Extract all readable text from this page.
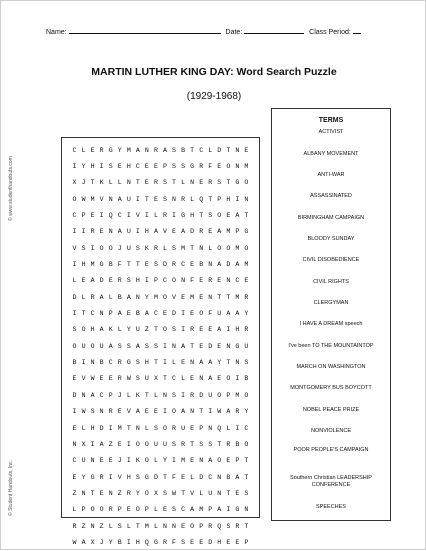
Name:	Date:	Class Period:
MARTIN LUTHER KING DAY: Word Search Puzzle
(1929-1968)
© www.studenthandouts.com
© Student Handouts, Inc.
C L E R G Y M A N R A S B T C L D T N E
I Y H I S E H C E E P S S G R F E O N M
X J T K L L N T E R S T L N E R S T G O
O W M V N A U I T E S N R L Q T P H I N
C P E I Q C I V I L R I G H T S O E A T
I I R E N A U I H A V E A D R E A M P G
V S I O O J U S K R L S M T N L O O M O
I H M G B F T T E S D R C E B N A D A M
L E A D E R S H I P C O N F E R E N C E
D L R A L B A N Y M O V E M E N T T M R
I T C N P A E B A C E D I E O F U A A Y
S O H A K L Y U Z T O S I R E E A I H R
O U O U A S S A S S I N A T E D E N G U
B I N B C R G S H T I L E N A A Y T N S
E V W E E R W S U X T C L E N A E O I B
D N A C P J L K T L N S I R D U O P M O
I W S N R E V A E E I O A N T I W A R Y
E L H D I M T N L S O R U E P N Q L I C
N X I A Z E I O O U U S R T S S T R B O
C U N E E J I K O L Y I M E N A O E P T
E Y G R I V H S G D T F E L D C N B A T
Z N T E N Z R Y O X S W T V L U N T E S
L P O O R P E O P L E S C A M P A I G N
R Z N Z L S L T M L N N E O P R Q S R T
W A X J Y B I H Q G R F S E E D H E E P
TERMS
ACTIVIST
ALBANY MOVEMENT
ANTI-WAR
ASSASSINATED
BIRMINGHAM CAMPAIGN
BLOODY SUNDAY
CIVIL DISOBEDIENCE
CIVIL RIGHTS
CLERGYMAN
I HAVE A DREAM speech
I've been TO THE MOUNTAINTOP
MARCH ON WASHINGTON
MONTGOMERY BUS BOYCOTT
NOBEL PEACE PRIZE
NONVIOLENCE
POOR PEOPLE'S CAMPAIGN
Southern Christian LEADERSHIP CONFERENCE
SPEECHES
